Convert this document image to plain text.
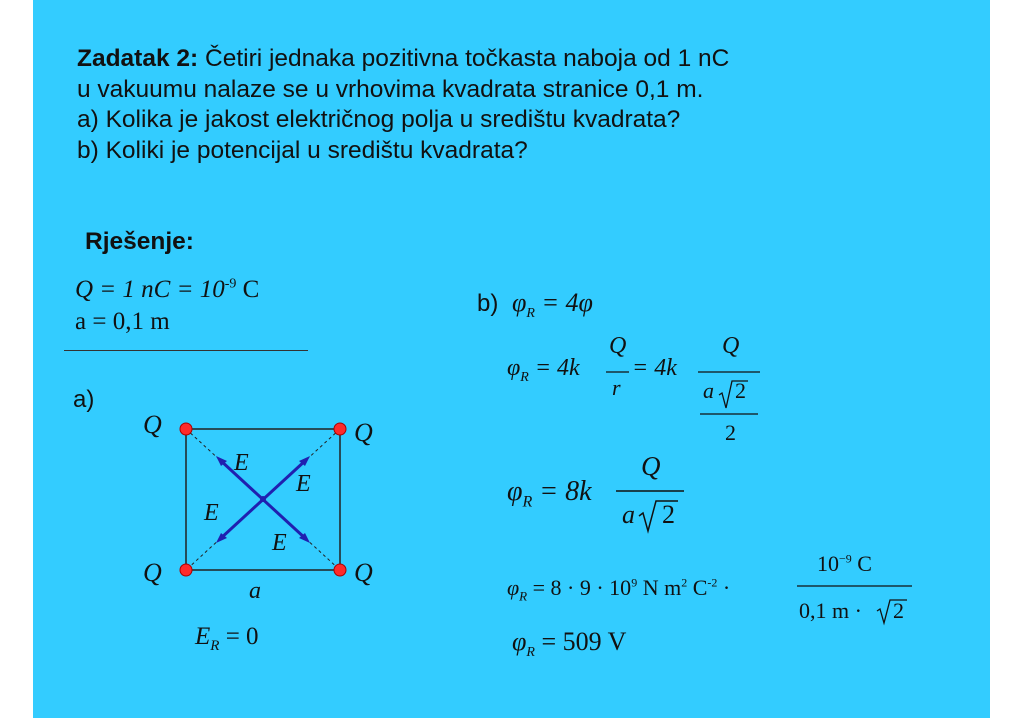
Zadatak 2: Četiri jednaka pozitivna točkasta naboja od 1 nC
u vakuumu nalaze se u vrhovima kvadrata stranice 0,1 m.
a) Kolika je jakost električnog polja u središtu kvadrata?
b) Koliki je potencijal u središtu kvadrata?
Rješenje:
Q = 1 nC = $10^{-9}$ C
a = 0,1 m
a)
Q	Q
Q	Q
E
E
E
E
a
$E_R = 0$
b) $\varphi_R = 4\varphi$
$\varphi_R = 4k$
Q
r
= 4k
Q
a 2
2
$\varphi_R = 8k$
Q
a 2
$\varphi_R = 8 \cdot 9 \cdot 10^9$ N $m^2$ $C^{-2}$ ·
$10^{-9}$ C
0,1 m · 2
$\varphi_R = 509$ V
